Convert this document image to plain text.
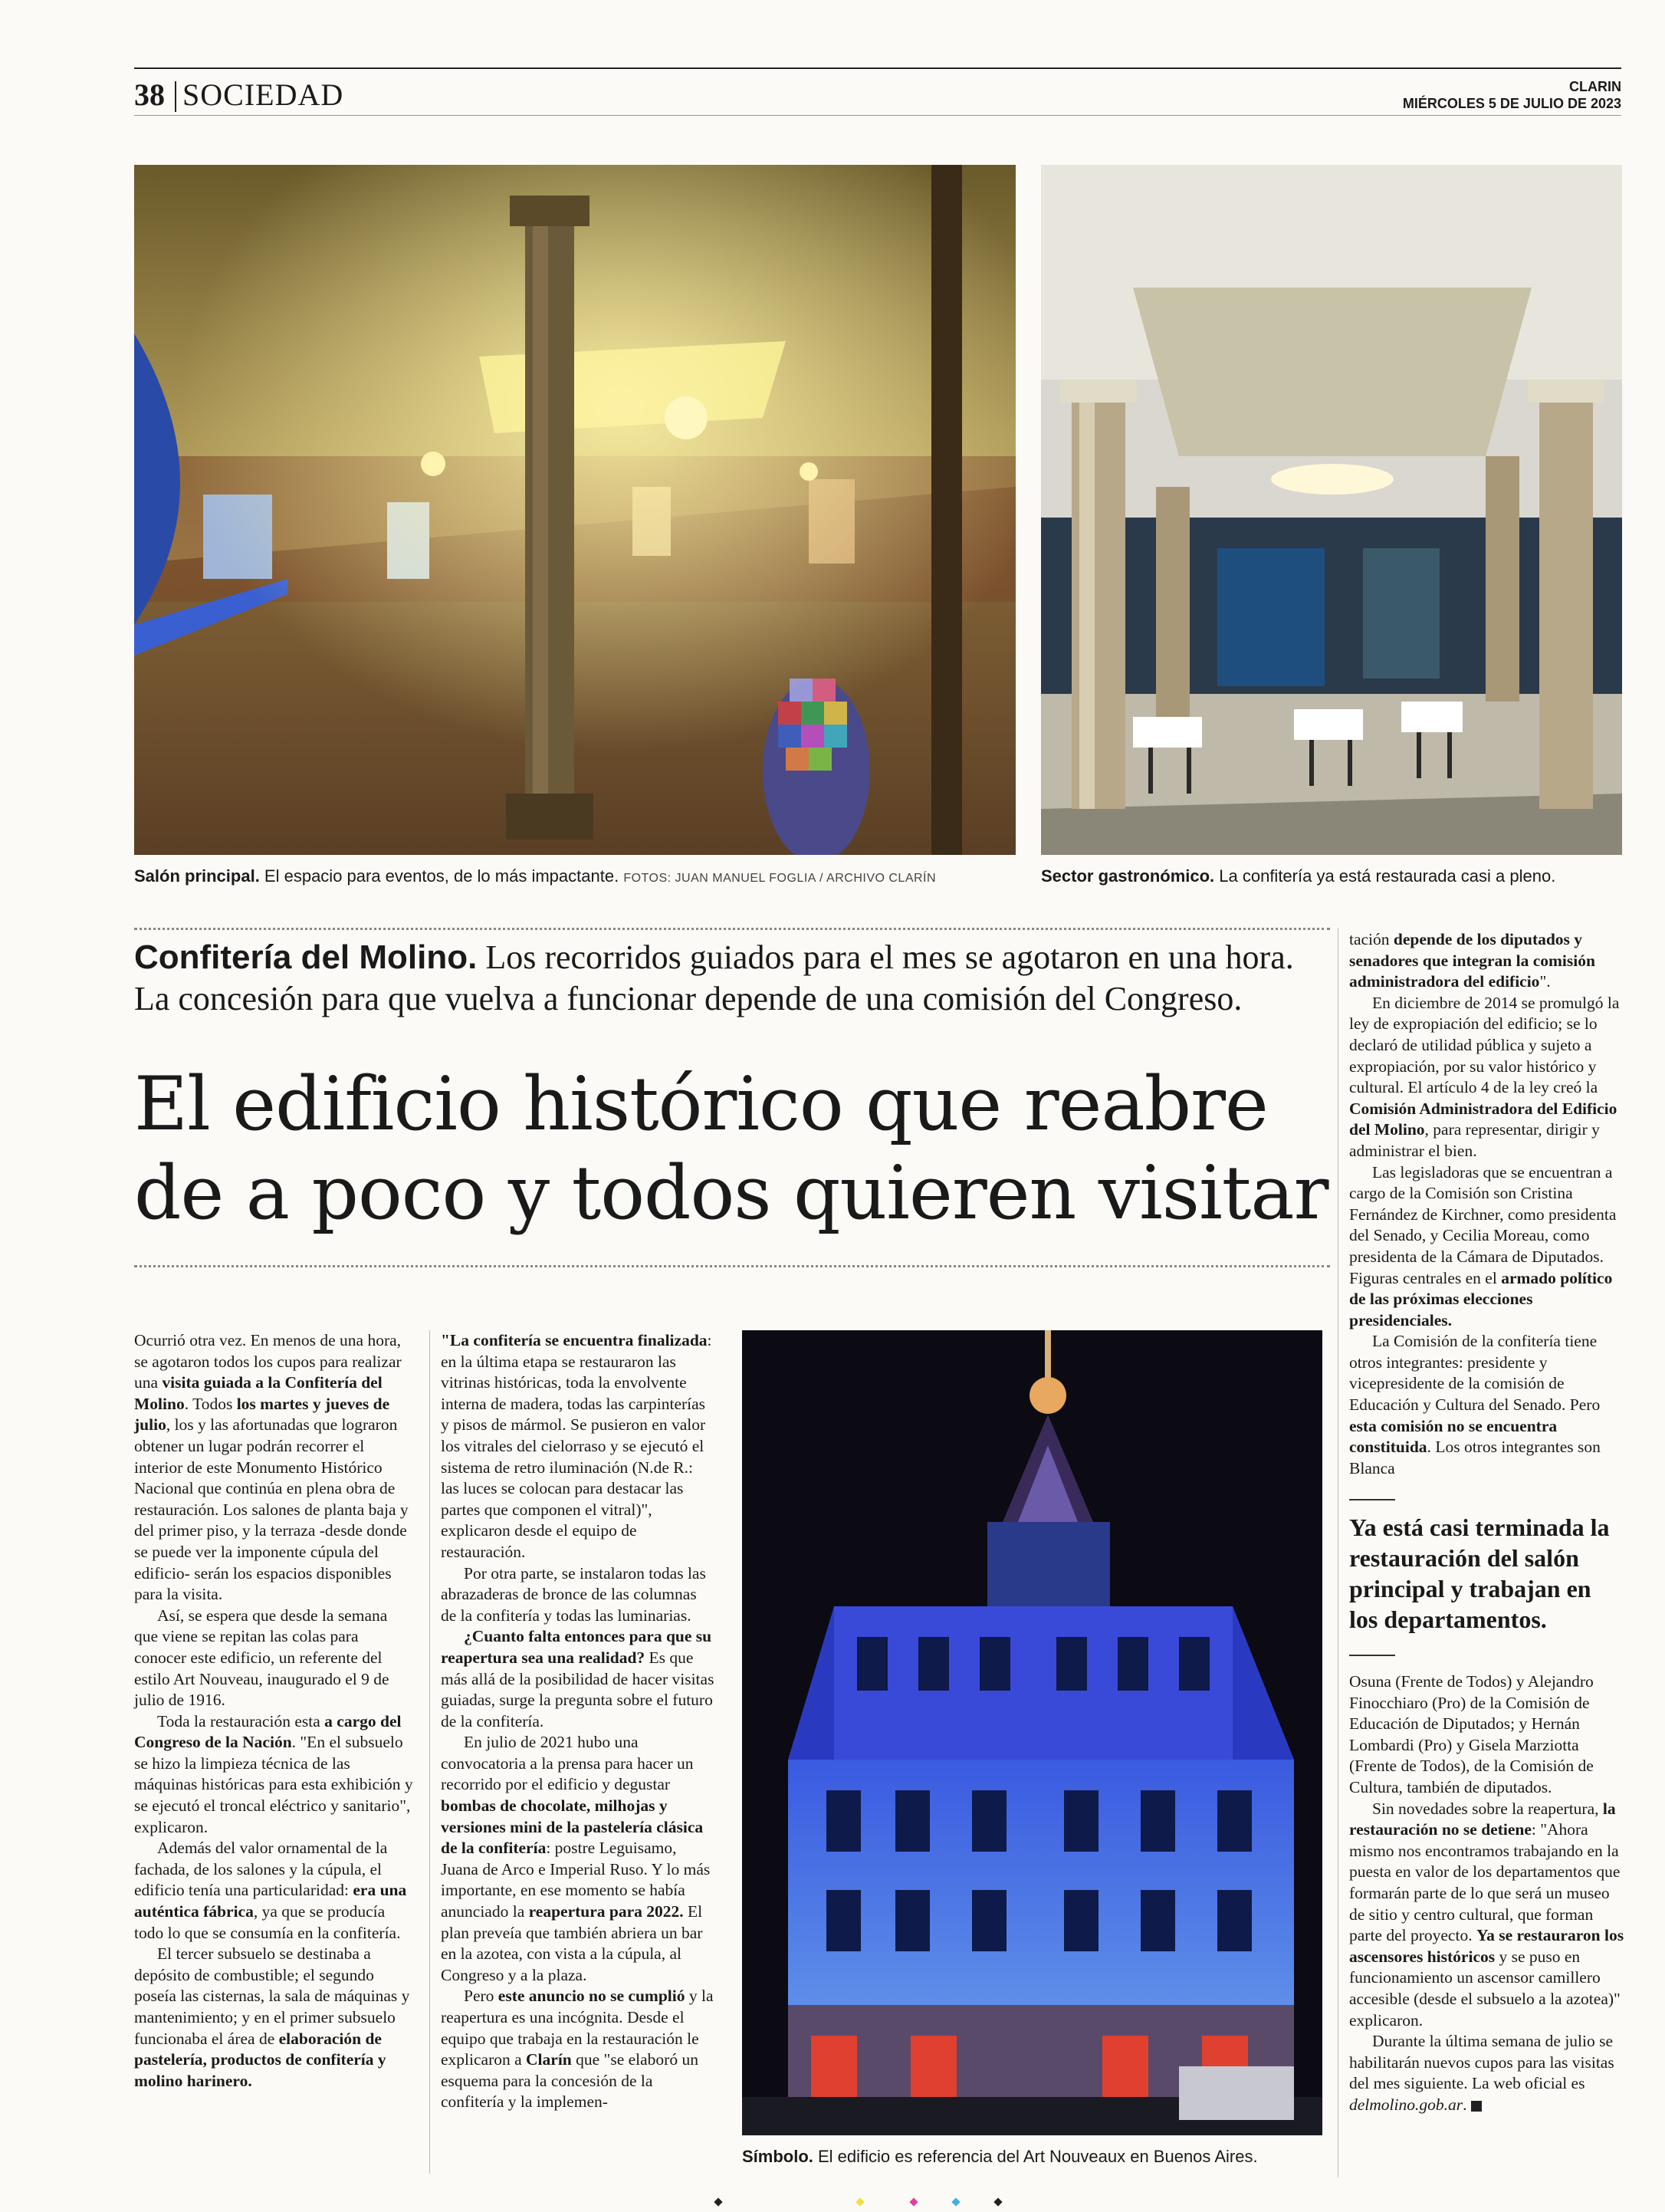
38 SOCIEDAD	CLARIN
MIÉRCOLES 5 DE JULIO DE 2023
Salón principal. El espacio para eventos, de lo más impactante. FOTOS: JUAN MANUEL FOGLIA / ARCHIVO CLARÍN	Sector gastronómico. La confitería ya está restaurada casi a pleno.
Confitería del Molino. Los recorridos guiados para el mes se agotaron en una hora.
La concesión para que vuelva a funcionar depende de una comisión del Congreso.
El edificio histórico que reabre
de a poco y todos quieren visitar

Ocurrió otra vez. En menos de una hora, se agotaron todos los cupos para realizar una visita guiada a la Confitería del Molino. Todos los martes y jueves de julio, los y las afortunadas que lograron obtener un lugar podrán recorrer el interior de este Monumento Histórico Nacional que continúa en plena obra de restauración. Los salones de planta baja y del primer piso, y la terraza -desde donde se puede ver la imponente cúpula del edificio- serán los espacios disponibles para la visita.

Así, se espera que desde la semana que viene se repitan las colas para conocer este edificio, un referente del estilo Art Nouveau, inaugurado el 9 de julio de 1916.

Toda la restauración esta a cargo del Congreso de la Nación. "En el subsuelo se hizo la limpieza técnica de las máquinas históricas para esta exhibición y se ejecutó el troncal eléctrico y sanitario", explicaron.

Además del valor ornamental de la fachada, de los salones y la cúpula, el edificio tenía una particularidad: era una auténtica fábrica, ya que se producía todo lo que se consumía en la confitería.

El tercer subsuelo se destinaba a depósito de combustible; el segundo poseía las cisternas, la sala de máquinas y mantenimiento; y en el primer subsuelo funcionaba el área de elaboración de pastelería, productos de confitería y molino harinero.

"La confitería se encuentra finalizada: en la última etapa se restauraron las vitrinas históricas, toda la envolvente interna de madera, todas las carpinterías y pisos de mármol. Se pusieron en valor los vitrales del cielorraso y se ejecutó el sistema de retro iluminación (N.de R.: las luces se colocan para destacar las partes que componen el vitral)", explicaron desde el equipo de restauración.

Por otra parte, se instalaron todas las abrazaderas de bronce de las columnas de la confitería y todas las luminarias.

¿Cuanto falta entonces para que su reapertura sea una realidad? Es que más allá de la posibilidad de hacer visitas guiadas, surge la pregunta sobre el futuro de la confitería.

En julio de 2021 hubo una convocatoria a la prensa para hacer un recorrido por el edificio y degustar bombas de chocolate, milhojas y versiones mini de la pastelería clásica de la confitería: postre Leguisamo, Juana de Arco e Imperial Ruso. Y lo más importante, en ese momento se había anunciado la reapertura para 2022. El plan preveía que también abriera un bar en la azotea, con vista a la cúpula, al Congreso y a la plaza.

Pero este anuncio no se cumplió y la reapertura es una incógnita. Desde el equipo que trabaja en la restauración le explicaron a Clarín que "se elaboró un esquema para la concesión de la confitería y la implemen-

Símbolo. El edificio es referencia del Art Nouveaux en Buenos Aires.

tación depende de los diputados y senadores que integran la comisión administradora del edificio".

En diciembre de 2014 se promulgó la ley de expropiación del edificio; se lo declaró de utilidad pública y sujeto a expropiación, por su valor histórico y cultural. El artículo 4 de la ley creó la Comisión Administradora del Edificio del Molino, para representar, dirigir y administrar el bien.

Las legisladoras que se encuentran a cargo de la Comisión son Cristina Fernández de Kirchner, como presidenta del Senado, y Cecilia Moreau, como presidenta de la Cámara de Diputados. Figuras centrales en el armado político de las próximas elecciones presidenciales.

La Comisión de la confitería tiene otros integrantes: presidente y vicepresidente de la comisión de Educación y Cultura del Senado. Pero esta comisión no se encuentra constituida. Los otros integrantes son Blanca

Ya está casi terminada la restauración del salón principal y trabajan en los departamentos.

Osuna (Frente de Todos) y Alejandro Finocchiaro (Pro) de la Comisión de Educación de Diputados; y Hernán Lombardi (Pro) y Gisela Marziotta (Frente de Todos), de la Comisión de Cultura, también de diputados.

Sin novedades sobre la reapertura, la restauración no se detiene: "Ahora mismo nos encontramos trabajando en la puesta en valor de los departamentos que formarán parte de lo que será un museo de sitio y centro cultural, que forman parte del proyecto. Ya se restauraron los ascensores históricos y se puso en funcionamiento un ascensor camillero accesible (desde el subsuelo a la azotea)" explicaron.

Durante la última semana de julio se habilitarán nuevos cupos para las visitas del mes siguiente. La web oficial es delmolino.gob.ar.
